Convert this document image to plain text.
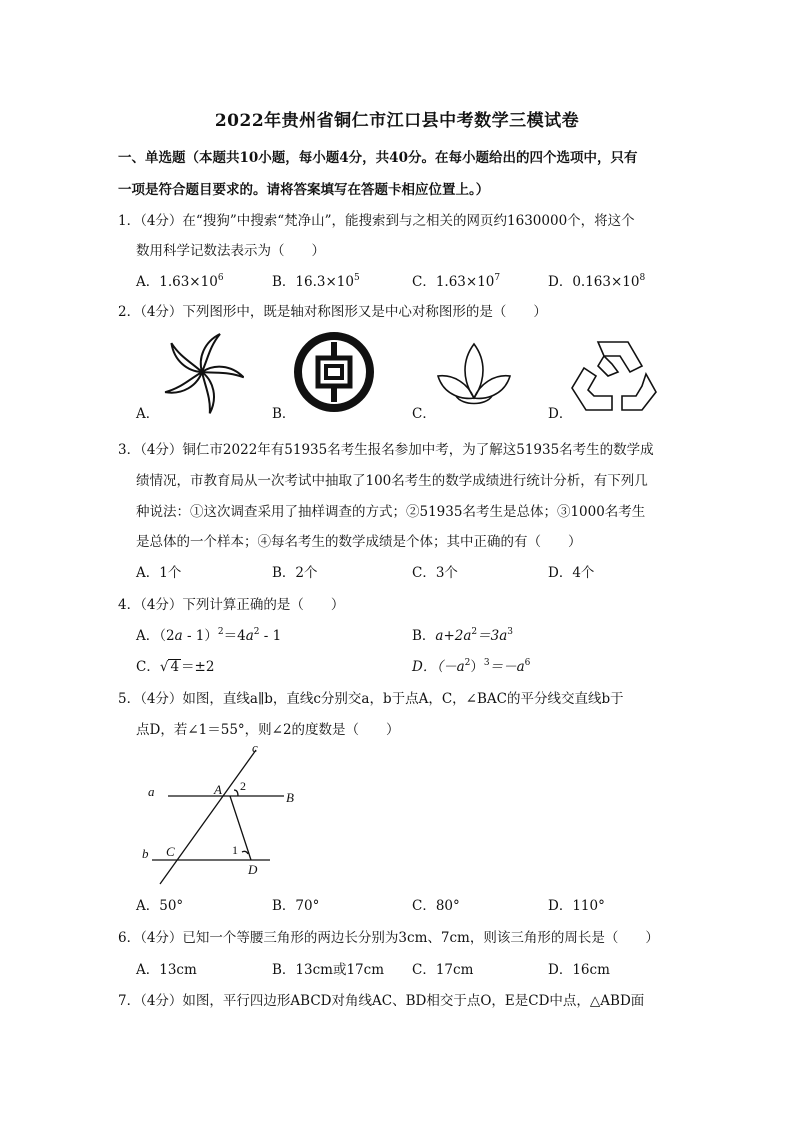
2022年贵州省铜仁市江口县中考数学三模试卷
一、单选题（本题共10小题，每小题4分，共40分。在每小题给出的四个选项中，只有
一项是符合题目要求的。请将答案填写在答题卡相应位置上。）
1．（4分）在“搜狗”中搜索“梵净山”，能搜索到与之相关的网页约1630000个，将这个
数用科学记数法表示为（　　）
A．$1.63\times 10^6$	B．$16.3\times 10^5$	C．$1.63\times 10^7$	D．$0.163\times 10^8$
2．（4分）下列图形中，既是轴对称图形又是中心对称图形的是（　　）
A．	B．	C．	D．
3．（4分）铜仁市2022年有51935名考生报名参加中考，为了解这51935名考生的数学成
绩情况，市教育局从一次考试中抽取了100名考生的数学成绩进行统计分析，有下列几
种说法：①这次调查采用了抽样调查的方式；②51935名考生是总体；③1000名考生
是总体的一个样本；④每名考生的数学成绩是个体；其中正确的有（　　）
A．1个	B．2个	C．3个	D．4个
4．（4分）下列计算正确的是（　　）
A．$(2a - 1)^2=4a^2 - 1$	B．$a+2a^2=3a^3$
C．√ 4 ＝±2	D．$(-a^2)^3=-a^6$
5．（4分）如图，直线a∥b，直线c分别交a，b于点A，C，∠BAC的平分线交直线b于
点D，若∠1＝55°，则∠2的度数是（　　）
c
a	A
B
b C
D
2
1
A．50°	B．70°	C．80°	D．110°
6．（4分）已知一个等腰三角形的两边长分别为3cm、7cm，则该三角形的周长是（　　）
A．13cm	B．13cm或17cm C．17cm	D．16cm
7．（4分）如图，平行四边形ABCD对角线AC、BD相交于点O，E是CD中点，△ABD面
